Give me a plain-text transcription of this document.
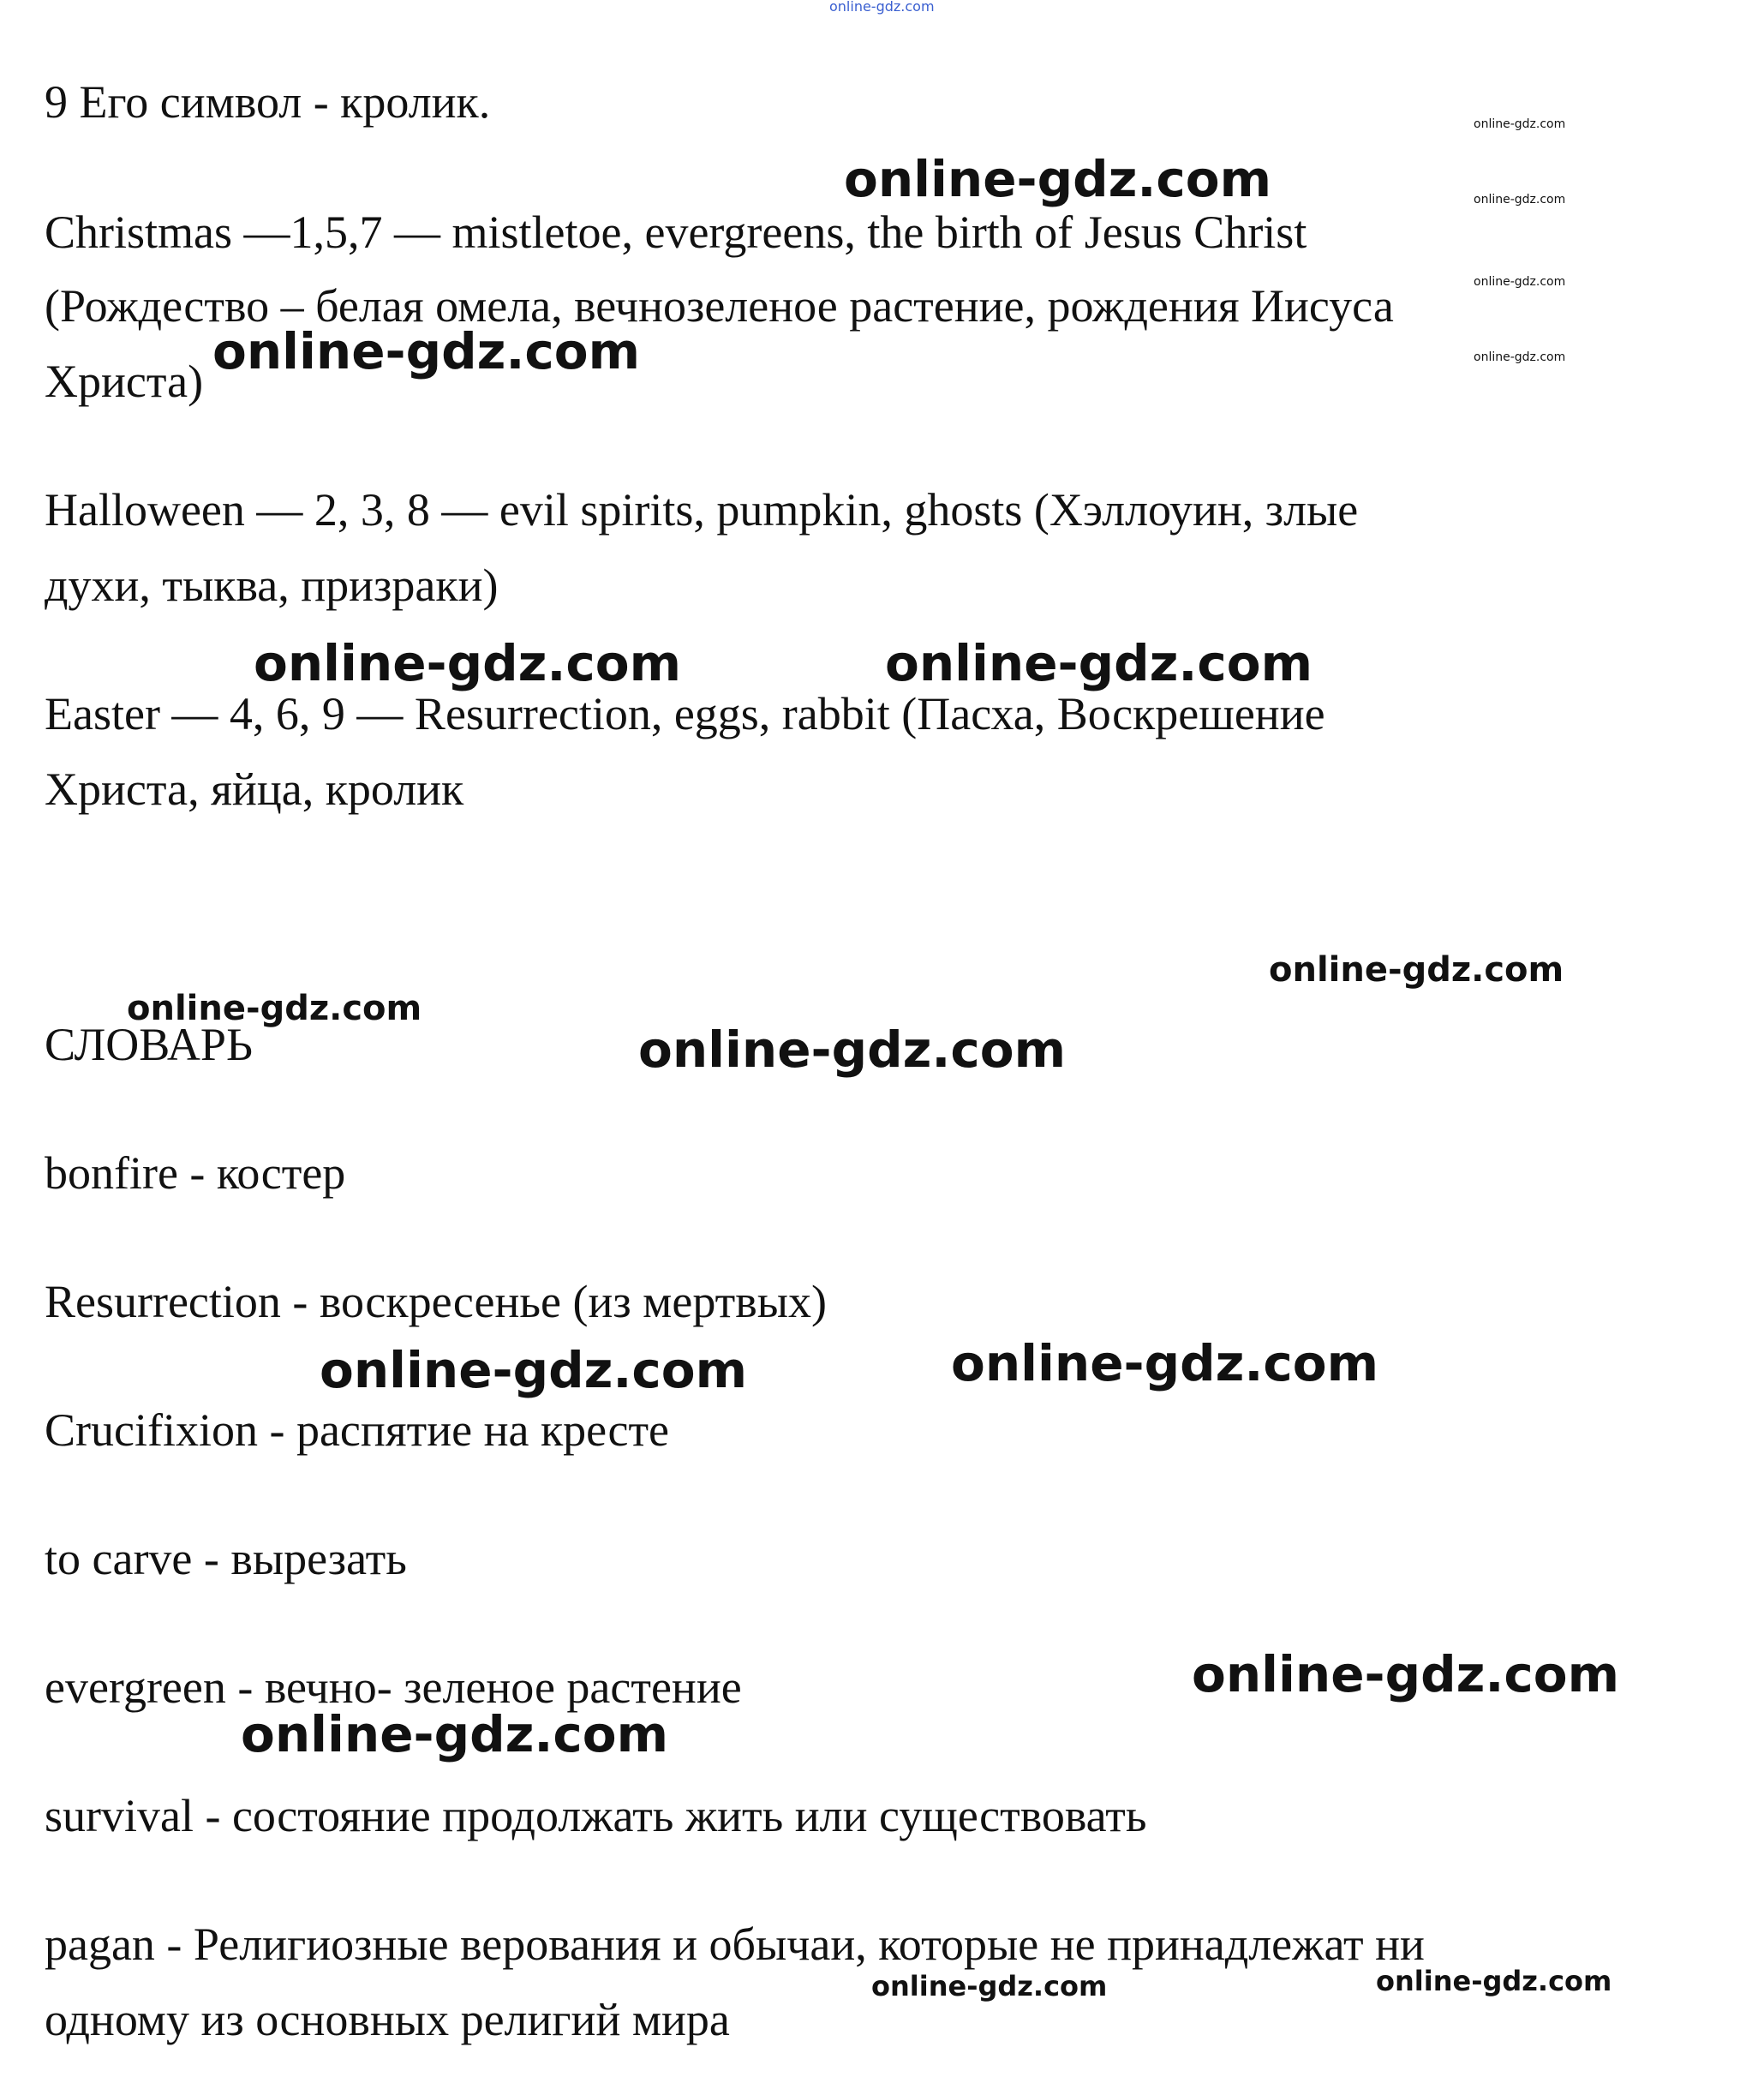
online-gdz.com

9 Его символ - кролик.

Christmas —1,5,7 — mistletoe, evergreens, the birth of Jesus Christ

(Рождество – белая омела, вечнозеленое растение, рождения Иисуса

Христа)

Halloween — 2, 3, 8 — evil spirits, pumpkin, ghosts (Хэллоуин, злые

духи, тыква, призраки)

Easter — 4, 6, 9 — Resurrection, eggs, rabbit (Пасха, Воскрешение

Христа, яйца, кролик

СЛОВАРЬ

bonfire - костер

Resurrection - воскресенье (из мертвых)

Crucifixion - распятие на кресте

to carve - вырезать

evergreen - вечно- зеленое растение

survival - состояние продолжать жить или существовать

pagan - Религиозные верования и обычаи, которые не принадлежат ни

одному из основных религий мира

online-gdz.com
online-gdz.com
online-gdz.com
online-gdz.com
online-gdz.com
online-gdz.com
online-gdz.com	online-gdz.com
online-gdz.com
online-gdz.com
online-gdz.com
online-gdz.com	online-gdz.com
online-gdz.com
online-gdz.com
online-gdz.com	online-gdz.com
